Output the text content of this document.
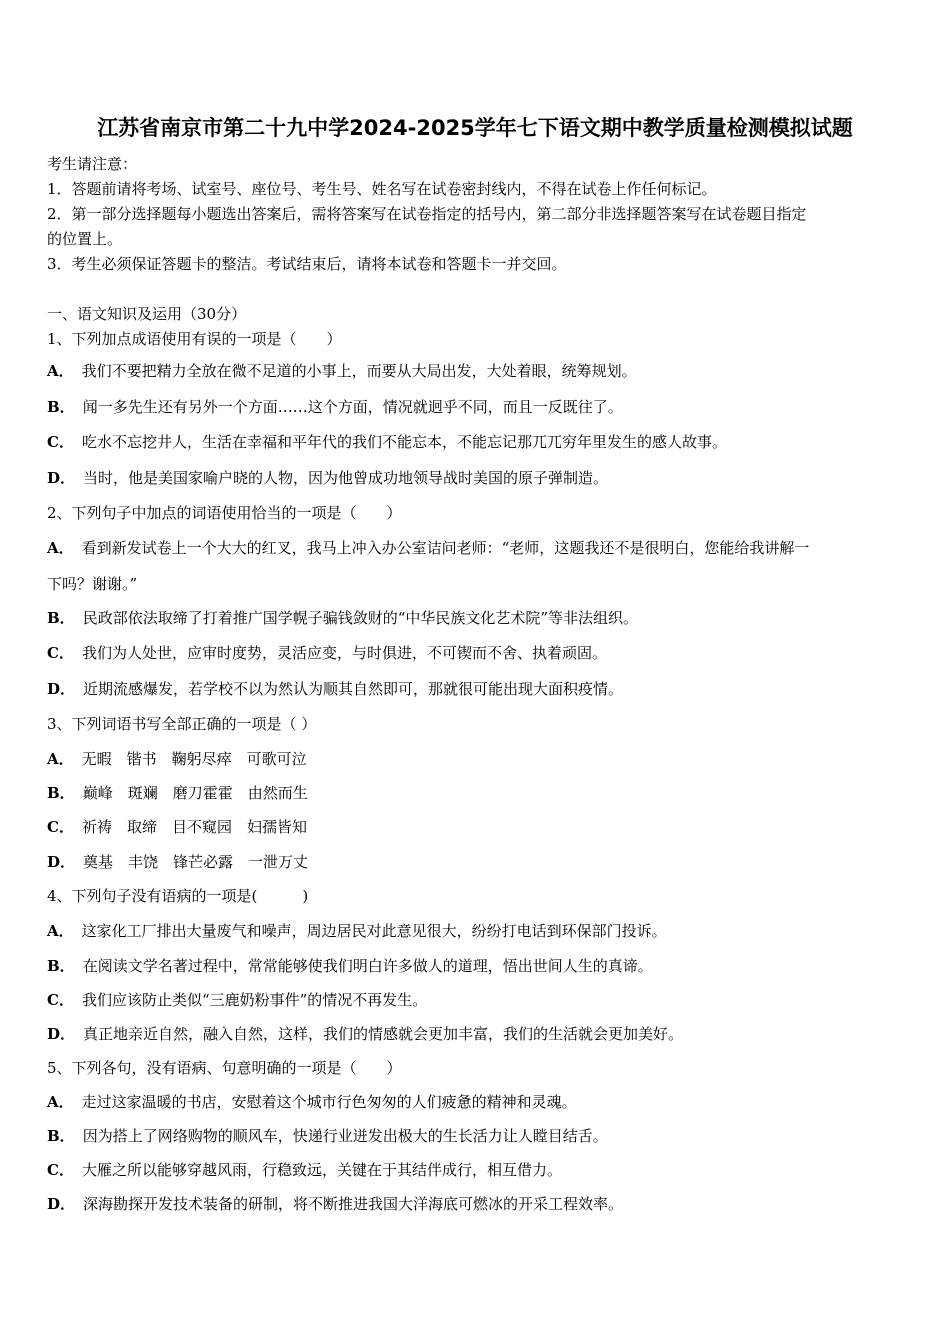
江苏省南京市第二十九中学2024-2025学年七下语文期中教学质量检测模拟试题
考生请注意：
1．答题前请将考场、试室号、座位号、考生号、姓名写在试卷密封线内，不得在试卷上作任何标记。
2．第一部分选择题每小题选出答案后，需将答案写在试卷指定的括号内，第二部分非选择题答案写在试卷题目指定
的位置上。
3．考生必须保证答题卡的整洁。考试结束后，请将本试卷和答题卡一并交回。
一、语文知识及运用（30分）
1、下列加点成语使用有误的一项是（　　）
A． 我们不要把精力全放在微不足道的小事上，而要从大局出发，大处着眼，统筹规划。
B． 闻一多先生还有另外一个方面……这个方面，情况就迥乎不同，而且一反既往了。
C． 吃水不忘挖井人，生活在幸福和平年代的我们不能忘本，不能忘记那兀兀穷年里发生的感人故事。
D． 当时，他是美国家喻户晓的人物，因为他曾成功地领导战时美国的原子弹制造。
2、下列句子中加点的词语使用恰当的一项是（　　）
A． 看到新发试卷上一个大大的红叉，我马上冲入办公室诘问老师：“老师，这题我还不是很明白，您能给我讲解一
下吗？谢谢。”
B． 民政部依法取缔了打着推广国学幌子骗钱敛财的“中华民族文化艺术院”等非法组织。
C． 我们为人处世，应审时度势，灵活应变，与时俱进，不可锲而不舍、执着顽固。
D． 近期流感爆发，若学校不以为然认为顺其自然即可，那就很可能出现大面积疫情。
3、下列词语书写全部正确的一项是（ ）
A． 无暇　锴书　鞠躬尽瘁　可歌可泣
B． 巅峰　斑斓　磨刀霍霍　由然而生
C． 祈祷　取缔　目不窥园　妇孺皆知
D． 奠基　丰饶　锋芒必露　一泄万丈
4、下列句子没有语病的一项是(　　　)
A． 这家化工厂排出大量废气和噪声，周边居民对此意见很大，纷纷打电话到环保部门投诉。
B． 在阅读文学名著过程中，常常能够使我们明白许多做人的道理，悟出世间人生的真谛。
C． 我们应该防止类似“三鹿奶粉事件”的情况不再发生。
D． 真正地亲近自然，融入自然，这样，我们的情感就会更加丰富，我们的生活就会更加美好。
5、下列各句，没有语病、句意明确的一项是（　　）
A． 走过这家温暖的书店，安慰着这个城市行色匆匆的人们疲惫的精神和灵魂。
B． 因为搭上了网络购物的顺风车，快递行业迸发出极大的生长活力让人瞠目结舌。
C． 大雁之所以能够穿越风雨，行稳致远，关键在于其结伴成行，相互借力。
D． 深海勘探开发技术装备的研制，将不断推进我国大洋海底可燃冰的开采工程效率。
